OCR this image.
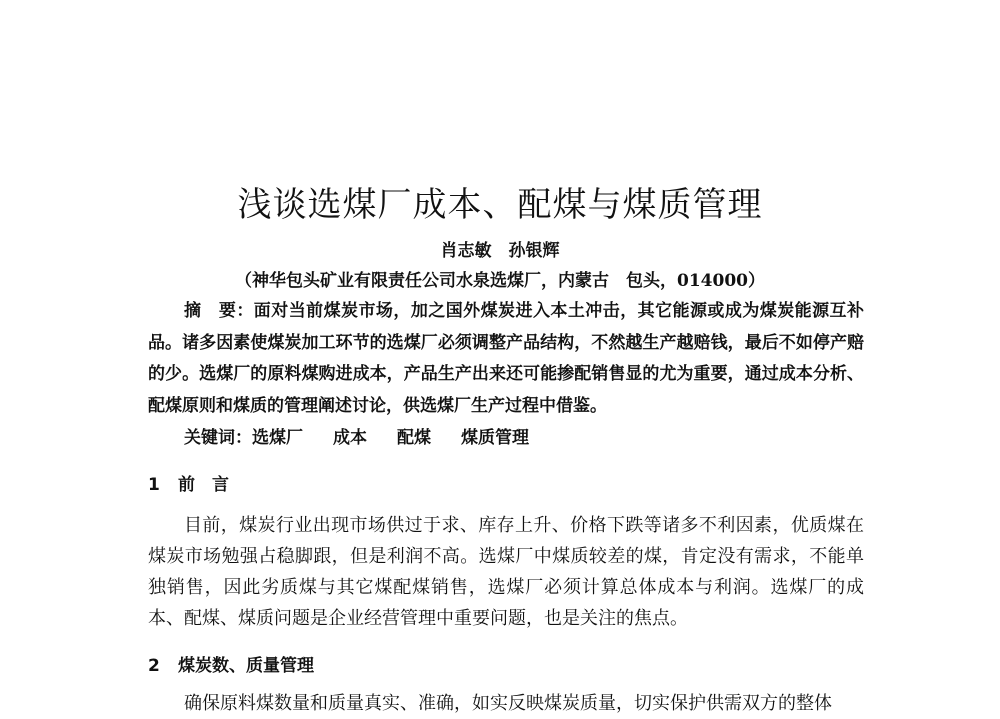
浅谈选煤厂成本、配煤与煤质管理
肖志敏　孙银辉
（神华包头矿业有限责任公司水泉选煤厂，内蒙古　包头，014000）

摘　要：面对当前煤炭市场，加之国外煤炭进入本土冲击，其它能源或成为煤炭能源互补品。诸多因素使煤炭加工环节的选煤厂必须调整产品结构，不然越生产越赔钱，最后不如停产赔的少。选煤厂的原料煤购进成本，产品生产出来还可能掺配销售显的尤为重要，通过成本分析、配煤原则和煤质的管理阐述讨论，供选煤厂生产过程中借鉴。

关键词：选煤厂 成本 配煤 煤质管理

1 前　言

目前，煤炭行业出现市场供过于求、库存上升、价格下跌等诸多不利因素，优质煤在煤炭市场勉强占稳脚跟，但是利润不高。选煤厂中煤质较差的煤，肯定没有需求，不能单独销售，因此劣质煤与其它煤配煤销售，选煤厂必须计算总体成本与利润。选煤厂的成本、配煤、煤质问题是企业经营管理中重要问题，也是关注的焦点。

2 煤炭数、质量管理

确保原料煤数量和质量真实、准确，如实反映煤炭质量，切实保护供需双方的整体
